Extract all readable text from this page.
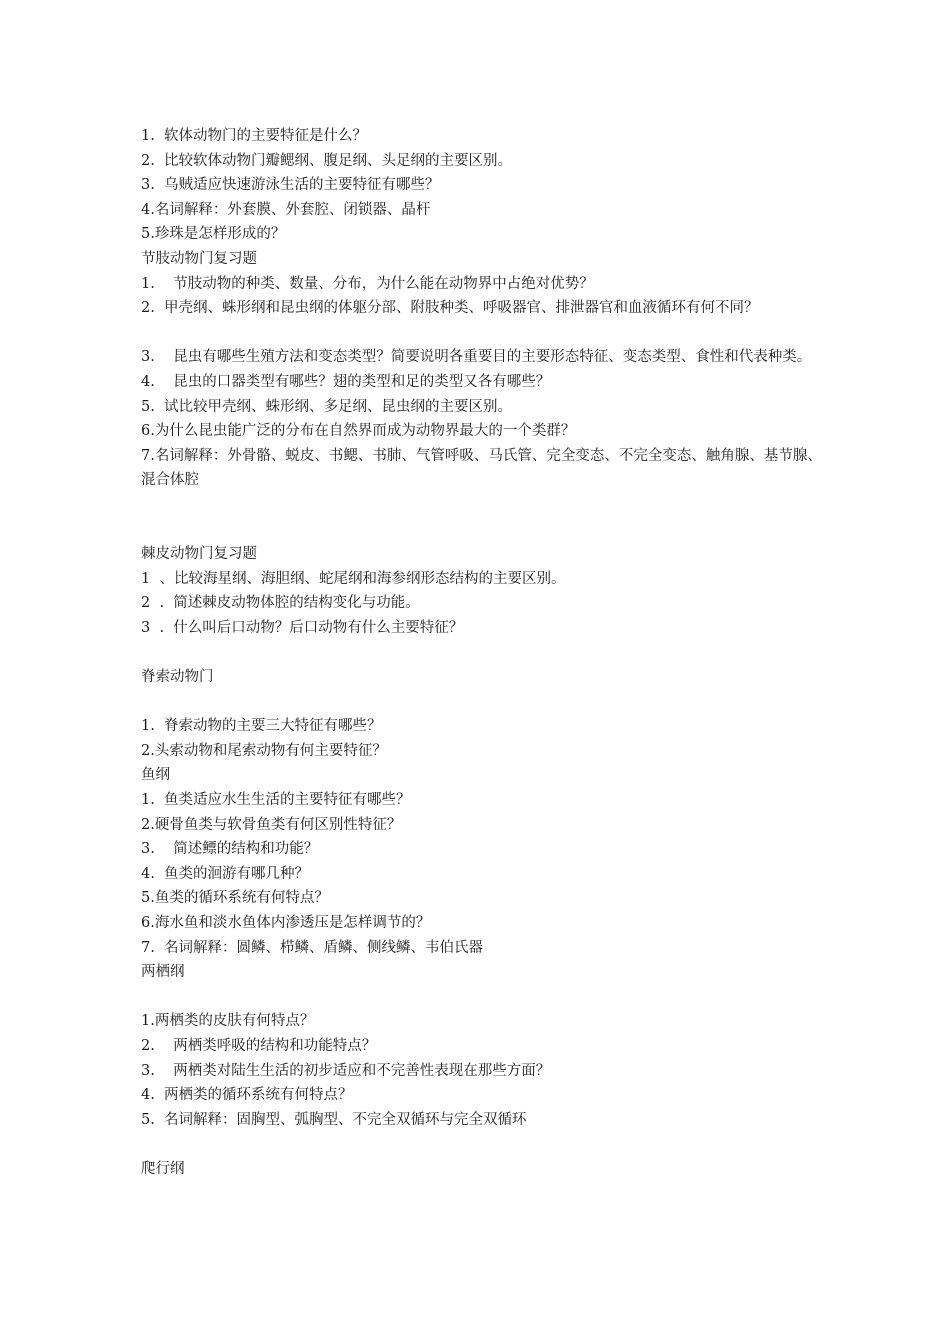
1.  软体动物门的主要特征是什么？

2.  比较软体动物门瓣鳃纲、腹足纲、头足纲的主要区别。

3.  乌贼适应快速游泳生活的主要特征有哪些？

4.名词解释：外套膜、外套腔、闭锁器、晶杆

5.珍珠是怎样形成的？

节肢动物门复习题

1.    节肢动物的种类、数量、分布，为什么能在动物界中占绝对优势？

2.  甲壳纲、蛛形纲和昆虫纲的体躯分部、附肢种类、呼吸器官、排泄器官和血液循环有何不同？

3.    昆虫有哪些生殖方法和变态类型？简要说明各重要目的主要形态特征、变态类型、食性和代表种类。

4.    昆虫的口器类型有哪些？翅的类型和足的类型又各有哪些？

5.  试比较甲壳纲、蛛形纲、多足纲、昆虫纲的主要区别。

6.为什么昆虫能广泛的分布在自然界而成为动物界最大的一个类群？

7.名词解释：外骨骼、蜕皮、书鳃、书肺、气管呼吸、马氏管、完全变态、不完全变态、触角腺、基节腺、混合体腔

棘皮动物门复习题

1  、比较海星纲、海胆纲、蛇尾纲和海参纲形态结构的主要区别。

2  .  简述棘皮动物体腔的结构变化与功能。

3  .  什么叫后口动物？后口动物有什么主要特征？

脊索动物门

1.  脊索动物的主要三大特征有哪些？

2.头索动物和尾索动物有何主要特征？

鱼纲

1.  鱼类适应水生生活的主要特征有哪些？

2.硬骨鱼类与软骨鱼类有何区别性特征？

3.    简述鳔的结构和功能？

4.  鱼类的洄游有哪几种？

5.鱼类的循环系统有何特点？

6.海水鱼和淡水鱼体内渗透压是怎样调节的？

7.  名词解释：圆鳞、栉鳞、盾鳞、侧线鳞、韦伯氏器

两栖纲

1.两栖类的皮肤有何特点？

2.    两栖类呼吸的结构和功能特点？

3.    两栖类对陆生生活的初步适应和不完善性表现在那些方面？

4.  两栖类的循环系统有何特点？

5.  名词解释：固胸型、弧胸型、不完全双循环与完全双循环

爬行纲
